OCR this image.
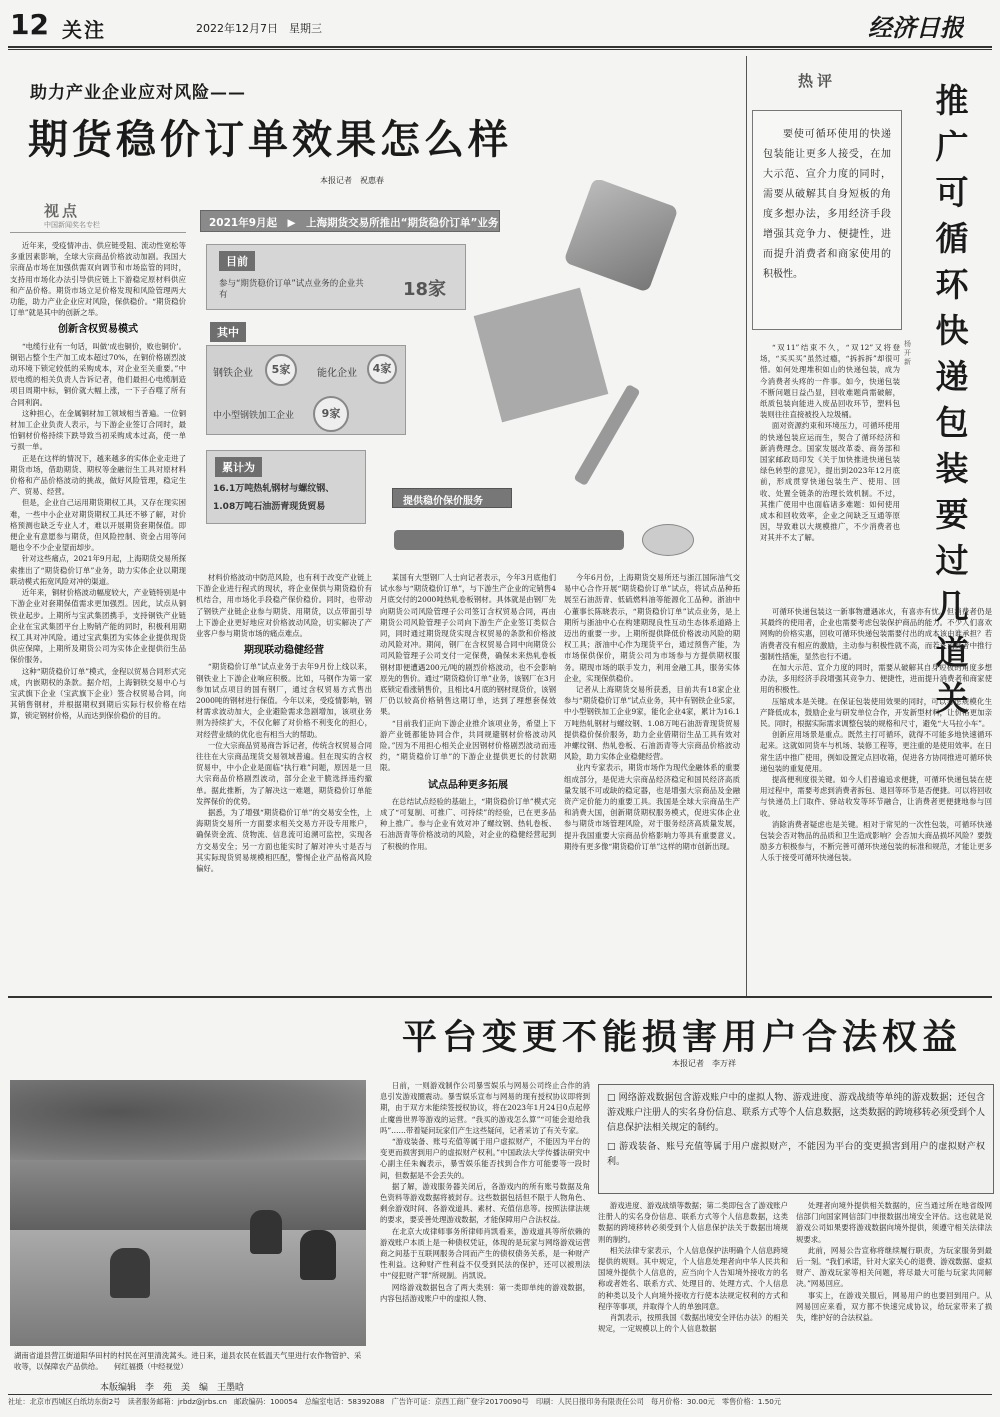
12 关注	2022年12月7日　星期三	经济日报
助力产业企业应对风险——
期货稳价订单效果怎么样
本报记者　祝惠春
视点
中国新闻奖名专栏	2021年9月起　▶　上海期货交易所推出“期货稳价订单”业务
目前
参与“期货稳价订单”试点业务的企业共有	18家
其中
钢铁企业	5家
中小型钢铁加工企业	9家
能化企业	4家
累计为
16.1万吨热轧钢材与螺纹钢、
1.08万吨石油沥青现货贸易	提供稳价保价服务

近年来，受疫情冲击、供应链受阻、流动性宽松等多重因素影响，全球大宗商品价格波动加剧。我国大宗商品市场在加强供需双向调节和市场监管的同时，支持用市场化办法引导供应链上下游稳定原材料供应和产品价格。期货市场立足价格发现和风险管理两大功能，助力产业企业应对风险，保供稳价。“期货稳价订单”就是其中的创新之举。

创新含权贸易模式

“电缆行业有一句话，叫做‘成也铜价，败也铜价’。铜铝占整个生产加工成本超过70%，在铜价格剧烈波动环境下锁定较低的采购成本，对企业至关重要。”中辰电缆的相关负责人告诉记者，他们最担心电缆制造项目周期中标，铜价就大幅上涨，一下子吞噬了所有合同利润。

这种担心，在金属铜材加工领域相当普遍。一位铜材加工企业负责人表示，与下游企业签订合同时，最怕铜材价格持续下跌导致当初采购成本过高，使一单亏损一单。

正是在这样的情况下，越来越多的实体企业走进了期货市场，借助期货、期权等金融衍生工具对原材料价格和产品价格波动的挑战，做好风险管理，稳定生产、贸易、经营。

但是，企业自己运用期货期权工具，又存在现实困难，一些中小企业对期货期权工具还不够了解，对价格预测也缺乏专业人才，难以开展期货套期保值。即便企业有意愿参与期货，但风险控制、资金占用等问题也令不少企业望而却步。

针对这些痛点，2021年9月起，上海期货交易所探索推出了“期货稳价订单”业务，助力实体企业以期现联动模式拓宽风险对冲的渠道。

近年来，铜材价格波动幅度较大，产业链特别是中下游企业对套期保值需求更加强烈。因此，试点从铜铁业起步。上期所与宝武集团携手，支持铜铁产业链企业在宝武集团平台上购销产能的同时，积极利用期权工具对冲风险。通过宝武集团为实体企业提供现货供应保障，上期所及期货公司为实体企业提供衍生品保价服务。

这种“期货稳价订单”模式，金程以贸易合同形式完成，内嵌期权的条款。据介绍，上海铜铁交易中心与宝武旗下企业（宝武旗下企业）签合权贸易合同，向其销售钢材，并根据期权到期后实际行权价格在结算，锁定钢材价格，从而达到保价稳价的目的。

材料价格波动中防范风险，也有利于改变产业链上下游企业进行程式的现状，将企业保供与期货稳价有机结合，用市场化手段稳产保价稳价。同时，也带动了钢铁产业链企业参与期货、用期货，以点带面引导上下游企业更好地应对价格波动风险，切实解决了产业客户参与期货市场的痛点难点。

期现联动稳健经营

“期货稳价订单”试点业务于去年9月份上线以来，钢铁业上下游企业响应积极。比如，马钢作为第一家参加试点项目的国有钢厂，通过含权贸易方式售出2000吨的钢材进行保值。今年以来，受疫情影响，钢材需求波动加大，企业避险需求急剧增加，该项业务则为持续扩大，不仅化解了对价格不利变化的担心，对经营业绩的优化也有相当大的帮助。

一位大宗商品贸易商告诉记者，传统含权贸易合同往往在大宗商品现货交易领域普遍。但在现实的含权贸易中，中小企业是面临“执行难”问题，原因是一旦大宗商品价格剧烈波动，部分企业干脆选择违约撤单。据此推断，为了解决这一难题，期货稳价订单能发挥保价的优势。

据悉，为了增强“期货稳价订单”的交易安全性，上海期货交易所一方面要求相关交易方开设专用账户，确保资金流、货物流、信息流可追溯可监控，实现各方交易安全；另一方面也能实时了解对冲头寸是否与其实际现货贸易规模相匹配，警惕企业产品格高风险偏好。

某国有大型钢厂人士向记者表示，今年3月底他们试水参与“期货稳价订单”，与下游生产企业的定销售4月底交付的2000吨热轧卷板钢材。具体就是由钢厂先向期货公司风险管理子公司签订含权贸易合同，再由期货公司风险管理子公司向下游生产企业签订类似合同，同时通过期货现货实现含权贸易的条款和价格波动风险对冲。期间，钢厂在含权贸易合同中向期货公司风险管理子公司支付一定保费，确保未来热轧卷板钢材即便遭遇200元/吨的剧烈价格波动，也不会影响原先的售价。通过“期货稳价订单”业务，该钢厂在3月底锁定看涨销售价，且相比4月底的钢材现货价，该钢厂仍以较高价格销售这期订单，达到了理想套保效果。

“目前我们正向下游企业推介该项业务，希望上下游产业链都能协同合作，共同规避钢材价格波动风险。”因为不用担心相关企业因钢材价格剧烈波动而违约，“期货稳价订单”的下游企业提供更长的付款期限。

试点品种更多拓展

在总结试点经验的基础上，“期货稳价订单”模式完成了“可复制、可推广、可持续”的经验，已在更多品种上推广。参与企业有效对冲了螺纹钢、热轧卷板、石油沥青等价格波动的风险，对企业的稳健经营起到了积极的作用。

今年6月份，上海期货交易所还与浙江国际油气交易中心合作开展“期货稳价订单”试点，将试点品种拓展至石油沥青、低硫燃料油等能源化工品种。浙油中心董事长陈晓表示，“期货稳价订单”试点业务，是上期所与浙油中心在构建期现良性互动生态体系道路上迈出的重要一步。上期所提供降低价格波动风险的期权工具；浙油中心作为现货平台，通过预售产能，为市场保供保价，期货公司为市场参与方提供期权服务。期现市场的联手发力，利用金融工具，服务实体企业，实现保供稳价。

记者从上海期货交易所获悉，目前共有18家企业参与“期货稳价订单”试点业务，其中有钢铁企业5家，中小型钢铁加工企业9家，能化企业4家，累计为16.1万吨热轧钢材与螺纹钢、1.08万吨石油沥青现货贸易提供稳价保价服务，助力企业借期衍生品工具有效对冲螺纹钢、热轧卷板、石油沥青等大宗商品价格波动风险，助力实体企业稳健经营。

业内专家表示，期货市场作为现代金融体系的重要组成部分，是促进大宗商品经济稳定和国民经济高质量发展不可或缺的稳定器，也是增强大宗商品及金融资产定价能力的重要工具。我国是全球大宗商品生产和消费大国，创新期货期权服务模式，促进实体企业参与期货市场管理风险，对于服务经济高质量发展，提升我国重要大宗商品价格影响力等具有重要意义。期待有更多像“期货稳价订单”这样的期市创新出现。

热评
要使可循环使用的快递包装能让更多人接受，在加大示范、宣介力度的同时，需要从破解其自身短板的角度多想办法，多用经济手段增强其竞争力、便捷性，进而提升消费者和商家使用的积极性。
推广可循环快递包装要过几道关
杨开新

“双11”结束不久，“双12”又将登场，“买买买”虽然过瘾，“拆拆拆”却很可惜。如何处理堆积如山的快递包装，成为今消费者头疼的一件事。如今，快递包装不断问题日益凸显，回收难题尚需破解，纸质包装向能进入废品回收环节，塑料包装则往往直接被投入垃圾桶。

面对资源约束和环境压力，可循环使用的快递包装应运而生，契合了循环经济和新消费理念。国家发展改革委、商务部和国家邮政局印发《关于加快推进快递包装绿色转型的意见》，提出到2023年12月底前，形成贯穿快递包装生产、使用、回收、处置全链条的治理长效机制。不过，其推广使用中也面临诸多难题：如何使用成本和回收效率，企业之间缺乏互通等原因，导致难以大规模推广，不少消费者也对其并不太了解。

可循环快递包装这一新事物遭遇冰火，有喜亦有忧。但消费者仍是其最终的使用者，企业也需要考虑包装保护商品的能力。不少人们喜欢网购的价格实惠，回收可循环快递包装需要付出的成本该由谁承担？若消费者没有相应的激励，主动参与积极性就不高，而若在消费者中推行强制性措施，显然也行不通。

在加大示范、宣介力度的同时，需要从破解其自身短板的角度多想办法，多用经济手段增强其竞争力、便捷性，进而提升消费者和商家使用的积极性。

压缩成本是关键。在保证包装使用效果的同时，可以考虑规模化生产降低成本，鼓励企业与研发单位合作，开发新型材料，让价格更加亲民。同时，根据实际需求调整包装的规格和尺寸，避免“大马拉小车”。

创新应用场景是重点。既然主打可循环，就得不可能多地快速循环起来。这就如同货车与机场、装修工程等，更注重的是使用效率。在日常生活中推广使用，例如设置定点回收箱，促进各方协同推进可循环快递包装的重复使用。

提高便利度很关键。如今人们普遍追求便捷，可循环快递包装在使用过程中，需要考虑到消费者拆包、退回等环节是否便捷。可以将回收与快递员上门取件、驿站收发等环节融合，让消费者更便捷地参与回收。

消除消费者疑虑也是关键。相对于常见的一次性包装，可循环快递包装会否对物品的品质和卫生造成影响？会否加大商品损坏风险？要鼓励多方积极参与，不断完善可循环快递包装的标准和规范，才能让更多人乐于接受可循环快递包装。

平台变更不能损害用户合法权益
本报记者　李万祥
□ 网络游戏数据包含游戏账户中的虚拟人物、游戏进度、游戏战绩等单纯的游戏数据；还包含游戏账户注册人的实名身份信息、联系方式等个人信息数据，这类数据的跨境移转必须受到个人信息保护法相关规定的制约。
□ 游戏装备、账号充值等属于用户虚拟财产，不能因为平台的变更损害到用户的虚拟财产权利。

日前，一则游戏制作公司暴雪娱乐与网易公司终止合作的消息引发游戏圈震动。暴雪娱乐宣布与网易的现有授权协议即将到期，由于双方未能续签授权协议，将在2023年1月24日0点起停止魔兽世界等游戏的运营。“我买的游戏怎么算”“可能会退给我吗”……带着疑问玩家们产生这些疑问，记者采访了有关专家。

“游戏装备、账号充值等属于用户虚拟财产，不能因为平台的变更而损害到用户的虚拟财产权利。”中国政法大学传播法研究中心副主任朱巍表示，暴雪娱乐能否找到合作方可能要等一段时间，但数据是不会丢失的。

据了解，游戏服务器关闭后，各游戏内的所有账号数据及角色资料等游戏数据将被封存。这些数据包括但不限于人物角色、剩余游戏时间、各游戏道具、素材、充值信息等。按照法律法规的要求，要妥善处理游戏数据，才能保障用户合法权益。

在北京大成律师事务所律师肖凯看来，游戏道具等所依赖的游戏账户本质上是一种债权凭证，体现的是玩家与网络游戏运营商之间基于互联网服务合同而产生的债权债务关系，是一种财产性利益。这种财产性利益不仅受到民法的保护，还可以被刑法中“侵犯财产罪”所规制。肖凯说。

网络游戏数据包含了两大类别：第一类即单纯的游戏数据，内容包括游戏账户中的虚拟人物、

游戏进度、游戏战绩等数据；第二类即包含了游戏账户注册人的实名身份信息、联系方式等个人信息数据，这类数据的跨境移转必须受到个人信息保护法关于数据出境规则的制约。

相关法律专家表示，个人信息保护法明确个人信息跨境提供的规则。其中规定，个人信息处理者向中华人民共和国境外提供个人信息的，应当向个人告知境外接收方的名称或者姓名、联系方式、处理目的、处理方式、个人信息的种类以及个人向境外接收方行使本法规定权利的方式和程序等事项，并取得个人的单独同意。

肖凯表示，按照我国《数据出境安全评估办法》的相关规定，一定规模以上的个人信息数据

处理者向境外提供相关数据的，应当通过所在地省级网信部门向国家网信部门申报数据出境安全评估。这也就是说游戏公司如果要将游戏数据向境外提供，须遵守相关法律法规要求。

此前，网易公告宣称将继续履行职责，为玩家服务到最后一刻。“我们承诺，针对大家关心的退费、游戏数据、虚拟财产、游戏玩家等相关问题，将尽最大可能与玩家共同解决。”网易回应。

事实上，在游戏关服后，网易用户的也要回到用户。从网易回应来看，双方都不快速完成协议，给玩家带来了损失，维护好的合法权益。

湖南省道县营江街道阳华田村的村民在河里清洗蒿头。进日来，道县农民在低温天气里进行农作物管护、采收等，以保障农产品供给。　　何红福摄（中经视觉）
本版编辑　李　苑　美　编　王墨晗
社址：北京市西城区白纸坊东街2号　读者服务邮箱：jrbdz@jrbs.cn　邮政编码：100054　总编室电话：58392088　广告许可证：京西工商广登字20170090号　印刷：人民日报印务有限责任公司　每月价格：30.00元　零售价格：1.50元
